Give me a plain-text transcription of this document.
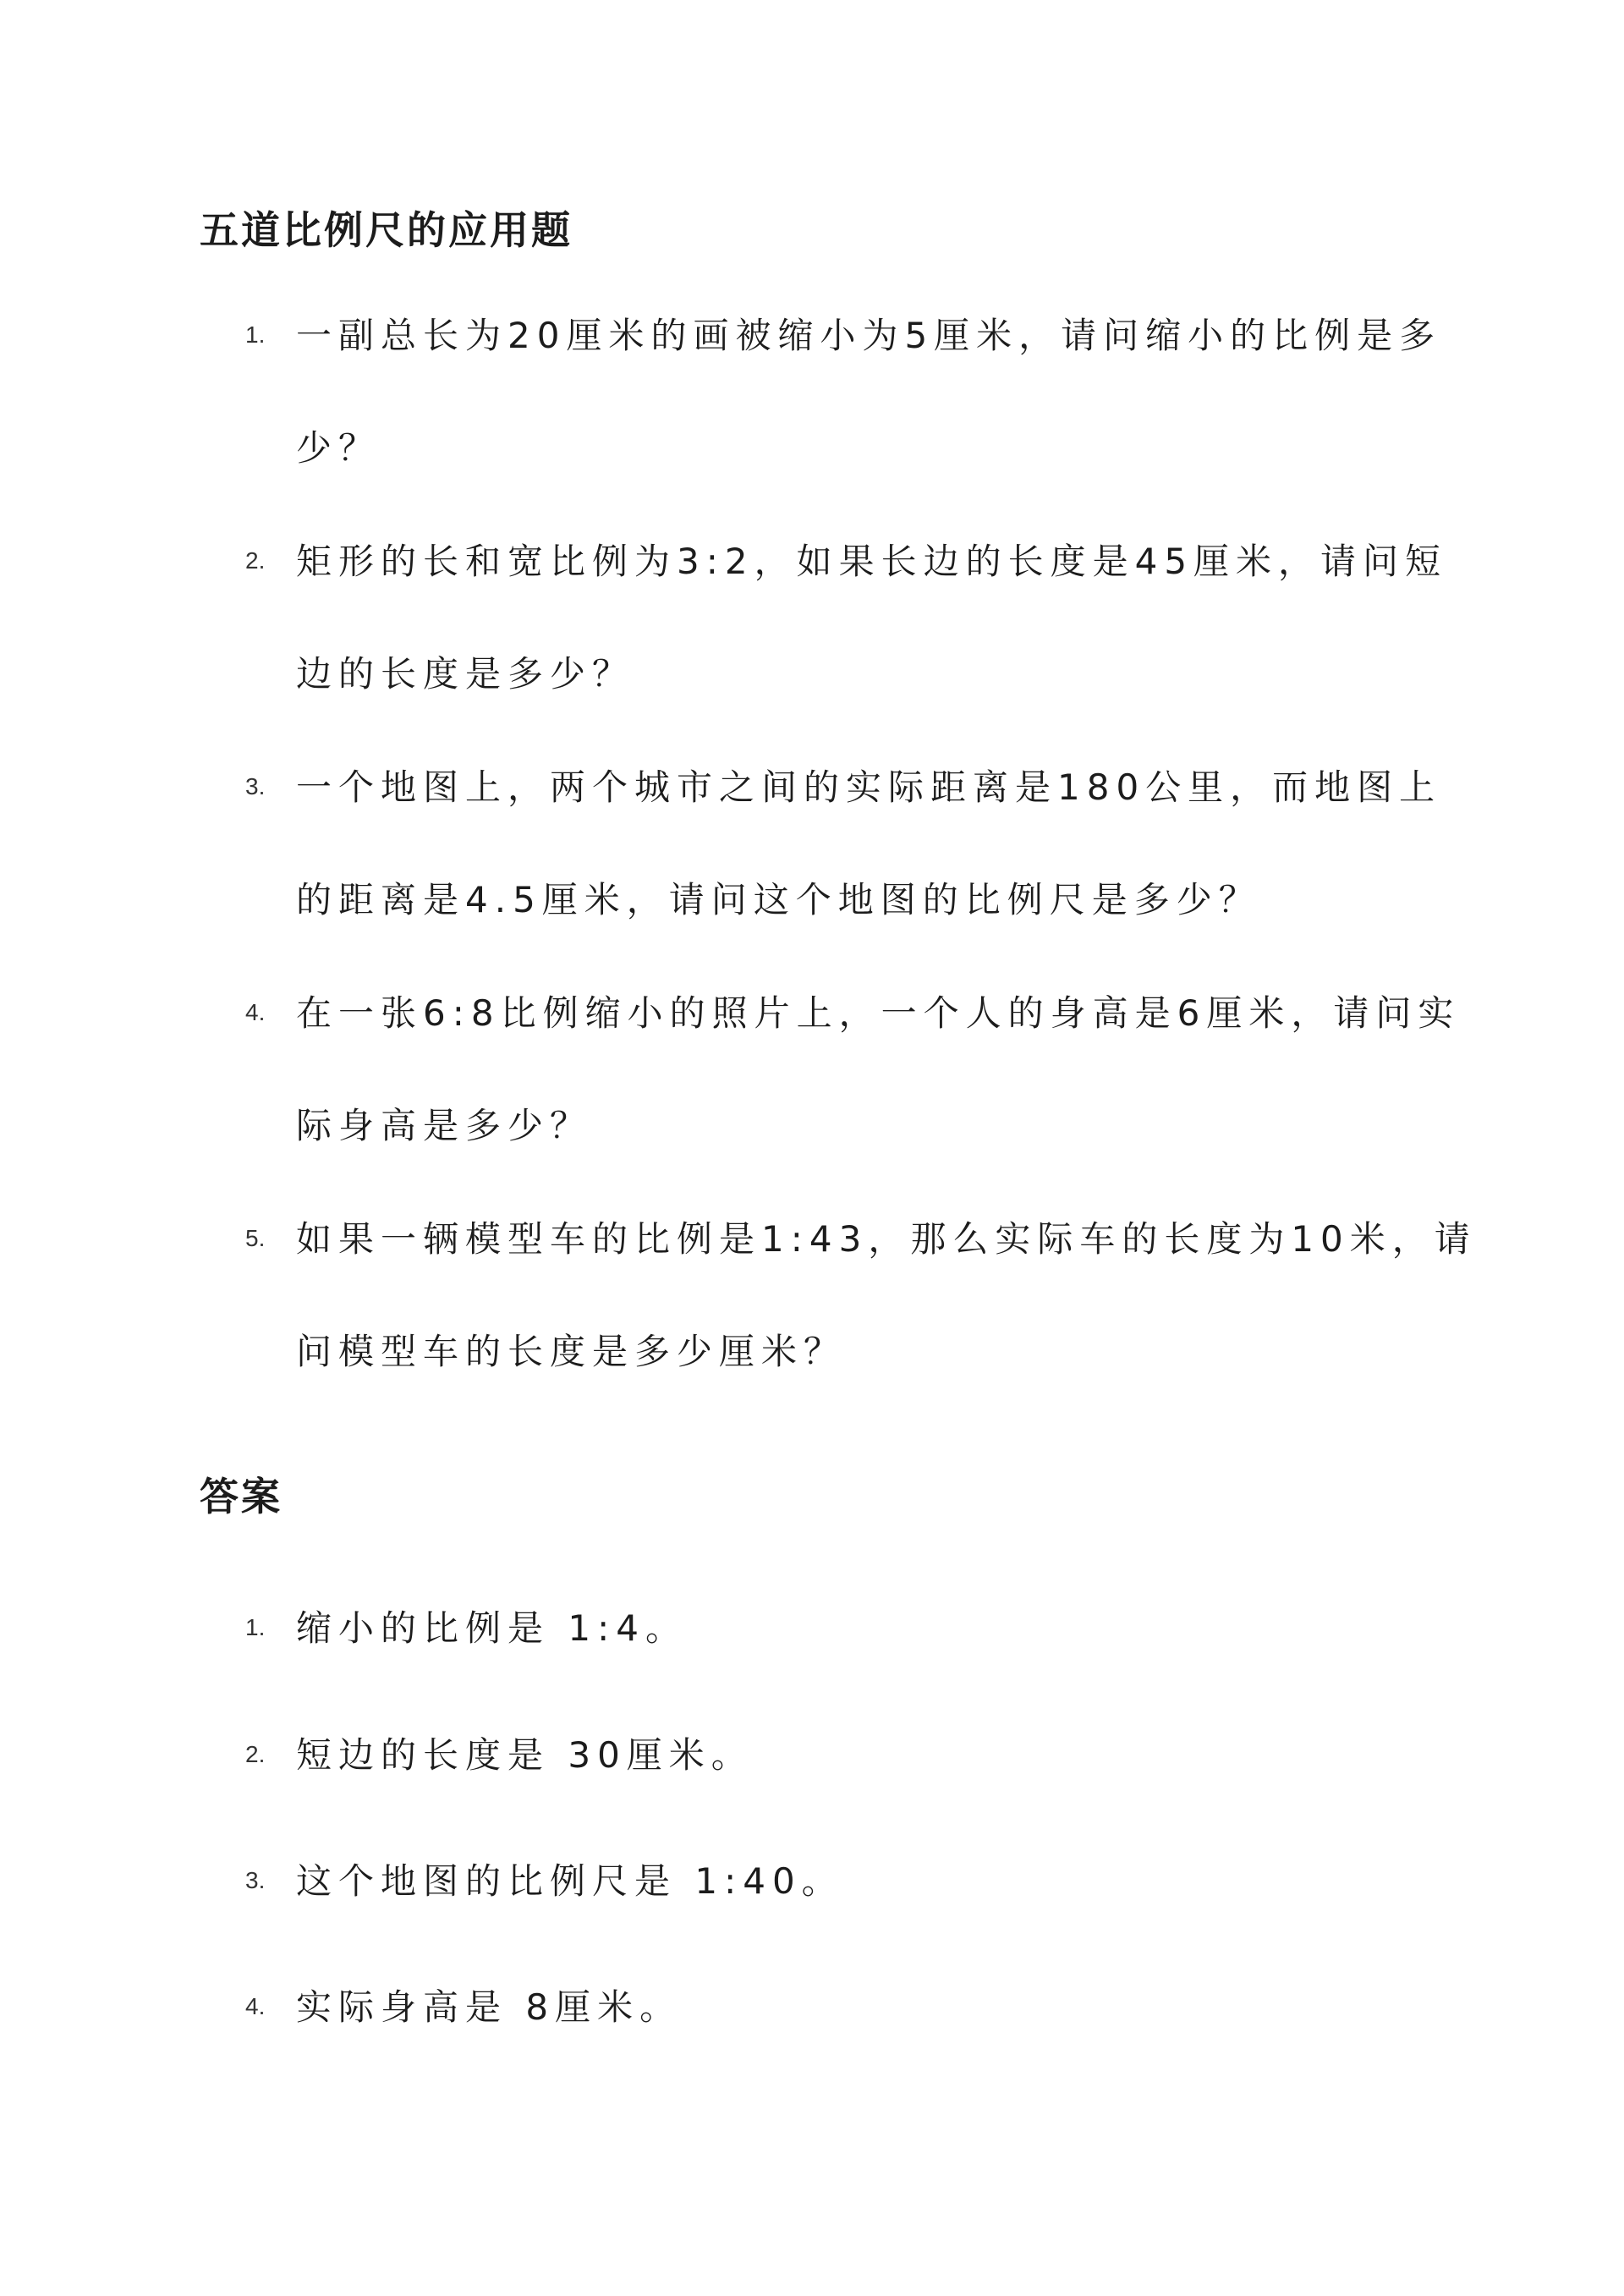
五道比例尺的应用题
1. 一副总长为20厘米的画被缩小为5厘米，请问缩小的比例是多少？
2. 矩形的长和宽比例为3:2，如果长边的长度是45厘米，请问短边的长度是多少？
3. 一个地图上，两个城市之间的实际距离是180公里，而地图上的距离是4.5厘米，请问这个地图的比例尺是多少？
4. 在一张6:8比例缩小的照片上，一个人的身高是6厘米，请问实际身高是多少？
5. 如果一辆模型车的比例是1:43，那么实际车的长度为10米，请问模型车的长度是多少厘米？
答案
1. 缩小的比例是 1:4。
2. 短边的长度是 30厘米。
3. 这个地图的比例尺是 1:40。
4. 实际身高是 8厘米。
